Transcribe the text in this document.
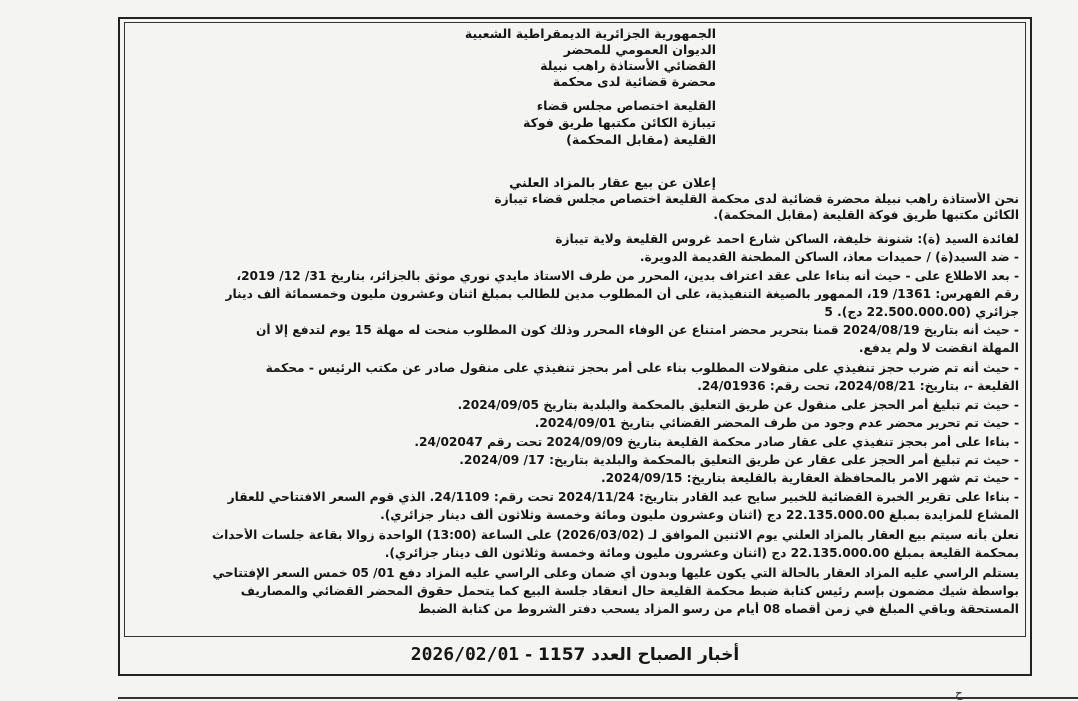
الجمهورية الجزائرية الديمقراطية الشعبية
الديوان العمومي للمحضر
القضائي الأستاذة راهب نبيلة
محضرة قضائية لدى محكمة
القليعة اختصاص مجلس قضاء
تيبازة الكائن مكتبها طريق فوكة
القليعة (مقابل المحكمة)
إعلان عن بيع عقار بالمزاد العلني
نحن الأستاذة راهب نبيلة محضرة قضائية لدى محكمة القليعة اختصاص مجلس قضاء تيبازة
الكائن مكتبها طريق فوكة القليعة (مقابل المحكمة).
لفائدة السيد (ة): شنونة خليفة، الساكن شارع احمد غروس القليعة ولاية تيبازة
- ضد السيد(ة) / حميدات معاذ، الساكن المطحنة القديمة الدويرة.
- بعد الاطلاع على - حيث أنه بناءا على عقد اعتراف بدين، المحرر من طرف الاستاذ مايدي نوري موثق بالجزائر، بتاريخ 31/ 12/ 2019،
رقم الفهرس: 1361/ 19، الممهور بالصيغة التنفيذية، على أن المطلوب مدين للطالب بمبلغ اثنان وعشرون مليون وخمسمائة ألف دينار
جزائري (22.500.000.00 دج). 5
- حيث أنه بتاريخ 2024/08/19 قمنا بتحرير محضر امتناع عن الوفاء المحرر وذلك كون المطلوب منحت له مهلة 15 يوم لتدفع إلا أن
المهلة انقضت لا ولم يدفع.
- حيث أنه تم ضرب حجز تنفيذي على منقولات المطلوب بناء على أمر بحجز تنفيذي على منقول صادر عن مكتب الرئيس - محكمة
القليعة -، بتاريخ: 2024/08/21، تحت رقم: 24/01936.
- حيث تم تبليغ أمر الحجز على منقول عن طريق التعليق بالمحكمة والبلدية بتاريخ 2024/09/05.
- حيث تم تحرير محضر عدم وجود من طرف المحضر القضائي بتاريخ 2024/09/01.
- بناءا على أمر بحجز تنفيذي على عقار صادر محكمة القليعة بتاريخ 2024/09/09 تحت رقم 24/02047.
- حيث تم تبليغ أمر الحجز على عقار عن طريق التعليق بالمحكمة والبلدية بتاريخ: 17/ 2024/09.
- حيث تم شهر الامر بالمحافظة العقارية بالقليعة بتاريخ: 2024/09/15.
- بناءا على تقرير الخبرة القضائية للخبير سايح عبد القادر بتاريخ: 2024/11/24 تحت رقم: 24/1109. الذي قوم السعر الافتتاحي للعقار
المشاع للمزايدة بمبلغ 22.135.000.00 دج (اثنان وعشرون مليون ومائة وخمسة وثلاثون ألف دينار جزائري).
نعلن بأنه سيتم بيع العقار بالمزاد العلني يوم الاثنين الموافق لـ (2026/03/02) على الساعة (13:00) الواحدة زوالا بقاعة جلسات الأحداث
بمحكمة القليعة بمبلغ 22.135.000.00 دج (اثنان وعشرون مليون ومائة وخمسة وثلاثون الف دينار جزائري).
يستلم الراسي عليه المزاد العقار بالحالة التي يكون عليها وبدون أي ضمان وعلى الراسي عليه المزاد دفع 01/ 05 خمس السعر الإفتتاحي
بواسطة شيك مضمون بإسم رئيس كتابة ضبط محكمة القليعة حال انعقاد جلسة البيع كما يتحمل حقوق المحضر القضائي والمصاريف
المستحقة وباقي المبلغ في زمن أقصاه 08 أيام من رسو المزاد يسحب دفتر الشروط من كتابة الضبط
أخبار الصباح العدد 1157 - 2026/02/01
ح
